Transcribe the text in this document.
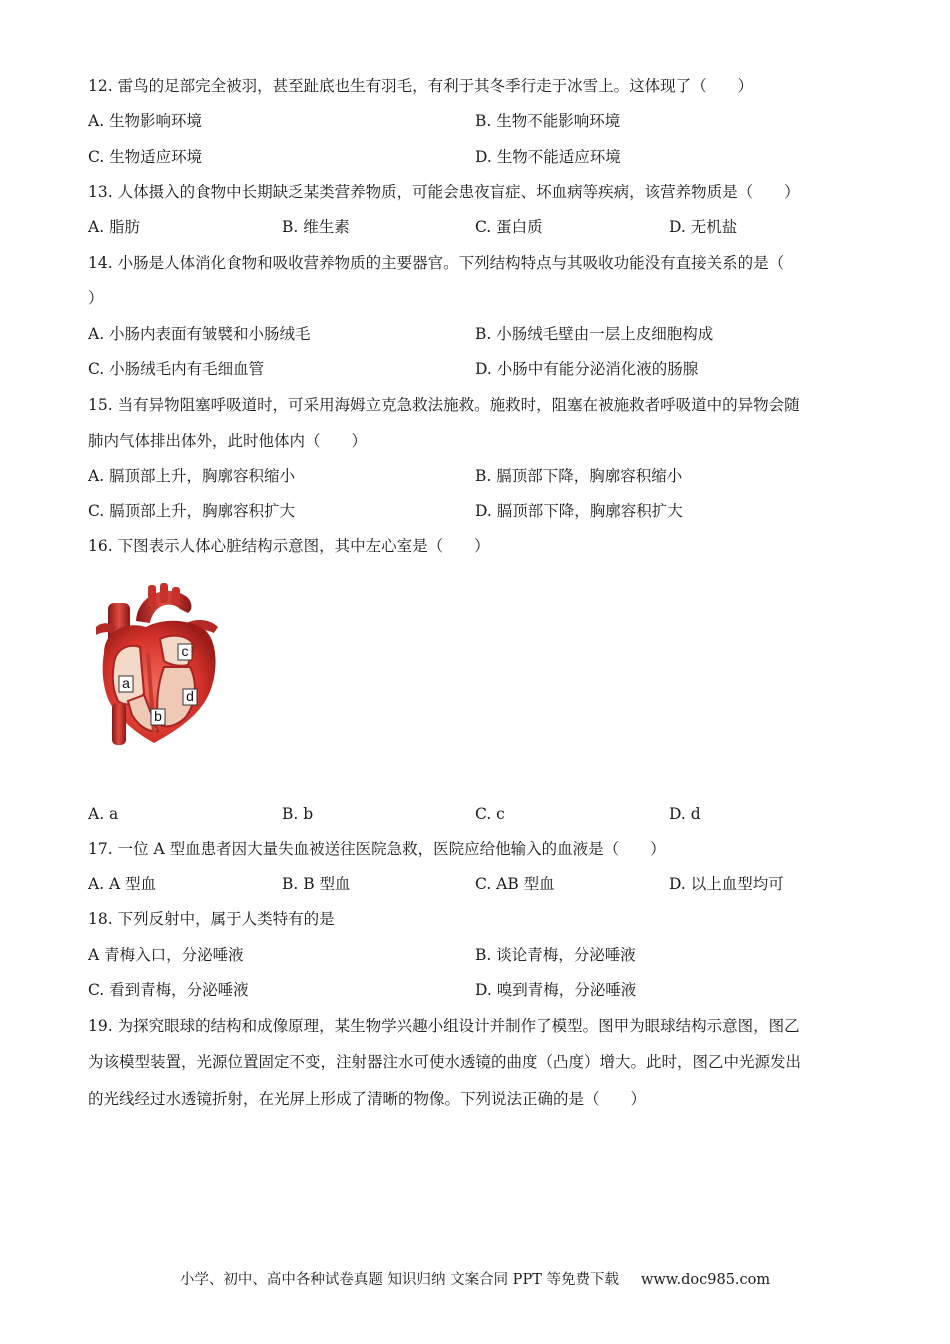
12. 雷鸟的足部完全被羽，甚至趾底也生有羽毛，有利于其冬季行走于冰雪上。这体现了（　　）
A. 生物影响环境	B. 生物不能影响环境
C. 生物适应环境	D. 生物不能适应环境
13. 人体摄入的食物中长期缺乏某类营养物质，可能会患夜盲症、坏血病等疾病，该营养物质是（　　）
A. 脂肪	B. 维生素	C. 蛋白质	D. 无机盐
14. 小肠是人体消化食物和吸收营养物质的主要器官。下列结构特点与其吸收功能没有直接关系的是（
）
A. 小肠内表面有皱襞和小肠绒毛	B. 小肠绒毛壁由一层上皮细胞构成
C. 小肠绒毛内有毛细血管	D. 小肠中有能分泌消化液的肠腺
15. 当有异物阻塞呼吸道时，可采用海姆立克急救法施救。施救时，阻塞在被施救者呼吸道中的异物会随
肺内气体排出体外，此时他体内（　　）
A. 膈顶部上升，胸廓容积缩小	B. 膈顶部下降，胸廓容积缩小
C. 膈顶部上升，胸廓容积扩大	D. 膈顶部下降，胸廓容积扩大
16. 下图表示人体心脏结构示意图，其中左心室是（　　）
a
b
c
d
A. a	B. b	C. c	D. d
17. 一位 A 型血患者因大量失血被送往医院急救，医院应给他输入的血液是（　　）
A. A 型血	B. B 型血	C. AB 型血	D. 以上血型均可
18. 下列反射中，属于人类特有的是
A 青梅入口，分泌唾液	B. 谈论青梅，分泌唾液
C. 看到青梅，分泌唾液	D. 嗅到青梅，分泌唾液
19. 为探究眼球的结构和成像原理，某生物学兴趣小组设计并制作了模型。图甲为眼球结构示意图，图乙
为该模型装置，光源位置固定不变，注射器注水可使水透镜的曲度（凸度）增大。此时，图乙中光源发出
的光线经过水透镜折射，在光屏上形成了清晰的物像。下列说法正确的是（　　）
小学、初中、高中各种试卷真题 知识归纳 文案合同 PPT 等免费下载 www.doc985.com
